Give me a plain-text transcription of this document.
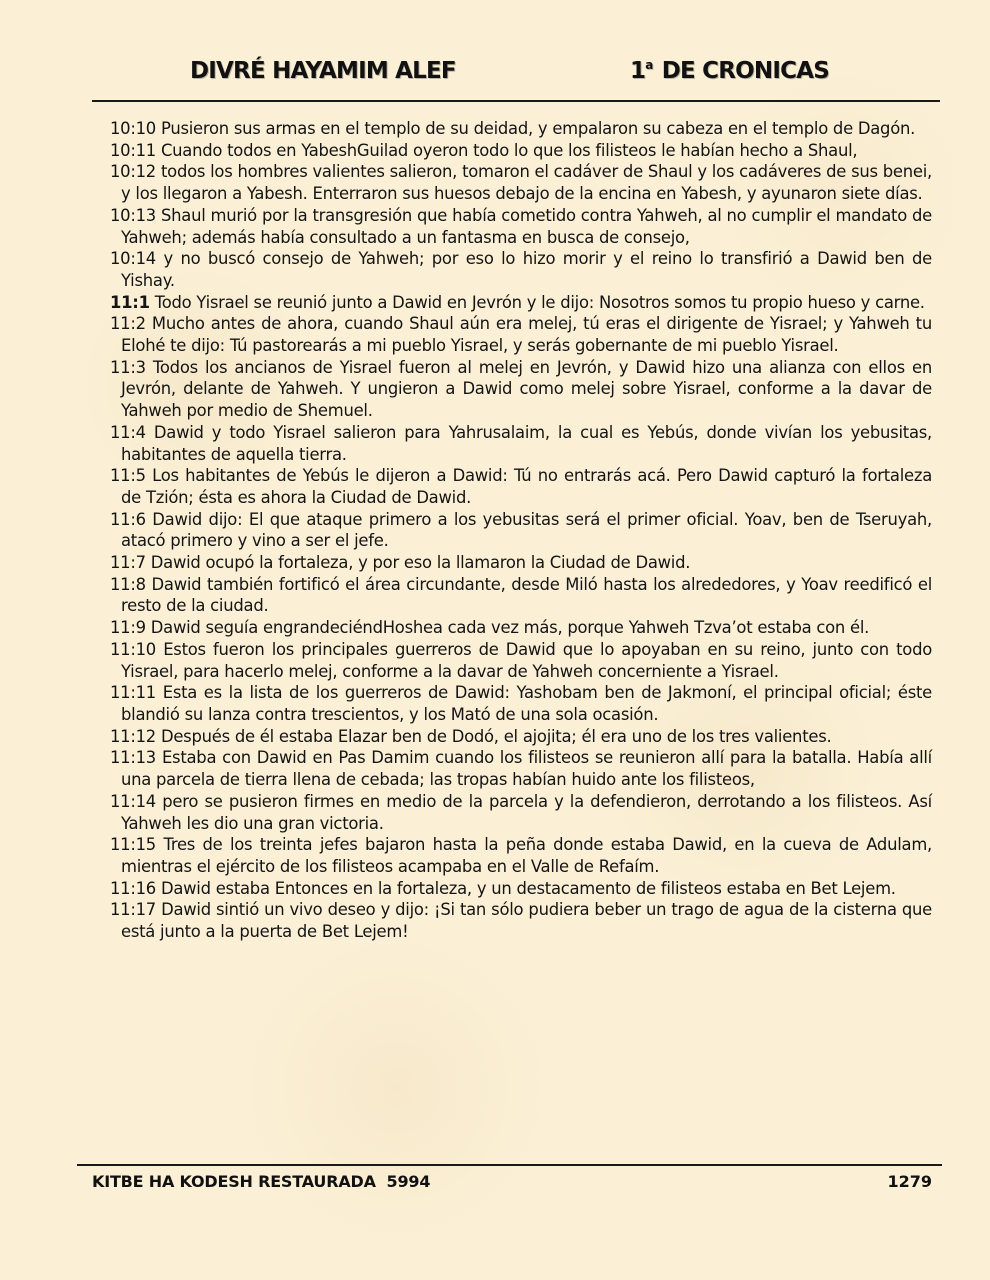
DIVRÉ HAYAMIM ALEF	1$^a$ DE CRONICAS

10:10 Pusieron sus armas en el templo de su deidad, y empalaron su cabeza en el templo de Dagón.

10:11 Cuando todos en YabeshGuilad oyeron todo lo que los filisteos le habían hecho a Shaul,

10:12 todos los hombres valientes salieron, tomaron el cadáver de Shaul y los cadáveres de sus benei, y los llegaron a Yabesh. Enterraron sus huesos debajo de la encina en Yabesh, y ayunaron siete días.

10:13 Shaul murió por la transgresión que había cometido contra Yahweh, al no cumplir el mandato de Yahweh; además había consultado a un fantasma en busca de consejo,

10:14 y no buscó consejo de Yahweh; por eso lo hizo morir y el reino lo transfirió a Dawid ben de Yishay.

11:1 Todo Yisrael se reunió junto a Dawid en Jevrón y le dijo: Nosotros somos tu propio hueso y carne.

11:2 Mucho antes de ahora, cuando Shaul aún era melej, tú eras el dirigente de Yisrael; y Yahweh tu Elohé te dijo: Tú pastorearás a mi pueblo Yisrael, y serás gobernante de mi pueblo Yisrael.

11:3 Todos los ancianos de Yisrael fueron al melej en Jevrón, y Dawid hizo una alianza con ellos en Jevrón, delante de Yahweh. Y ungieron a Dawid como melej sobre Yisrael, conforme a la davar de Yahweh por medio de Shemuel.

11:4 Dawid y todo Yisrael salieron para Yahrusalaim, la cual es Yebús, donde vivían los yebusitas, habitantes de aquella tierra.

11:5 Los habitantes de Yebús le dijeron a Dawid: Tú no entrarás acá. Pero Dawid capturó la fortaleza de Tzión; ésta es ahora la Ciudad de Dawid.

11:6 Dawid dijo: El que ataque primero a los yebusitas será el primer oficial. Yoav, ben de Tseruyah, atacó primero y vino a ser el jefe.

11:7 Dawid ocupó la fortaleza, y por eso la llamaron la Ciudad de Dawid.

11:8 Dawid también fortificó el área circundante, desde Miló hasta los alrededores, y Yoav reedificó el resto de la ciudad.

11:9 Dawid seguía engrandeciéndHoshea cada vez más, porque Yahweh Tzva’ot estaba con él.

11:10 Estos fueron los principales guerreros de Dawid que lo apoyaban en su reino, junto con todo Yisrael, para hacerlo melej, conforme a la davar de Yahweh concerniente a Yisrael.

11:11 Esta es la lista de los guerreros de Dawid: Yashobam ben de Jakmoní, el principal oficial; éste blandió su lanza contra trescientos, y los Mató de una sola ocasión.

11:12 Después de él estaba Elazar ben de Dodó, el ajojita; él era uno de los tres valientes.

11:13 Estaba con Dawid en Pas Damim cuando los filisteos se reunieron allí para la batalla. Había allí una parcela de tierra llena de cebada; las tropas habían huido ante los filisteos,

11:14 pero se pusieron firmes en medio de la parcela y la defendieron, derrotando a los filisteos. Así Yahweh les dio una gran victoria.

11:15 Tres de los treinta jefes bajaron hasta la peña donde estaba Dawid, en la cueva de Adulam, mientras el ejército de los filisteos acampaba en el Valle de Refaím.

11:16 Dawid estaba Entonces en la fortaleza, y un destacamento de filisteos estaba en Bet Lejem.

11:17 Dawid sintió un vivo deseo y dijo: ¡Si tan sólo pudiera beber un trago de agua de la cisterna que está junto a la puerta de Bet Lejem!

KITBE HA KODESH RESTAURADA  5994	1279
